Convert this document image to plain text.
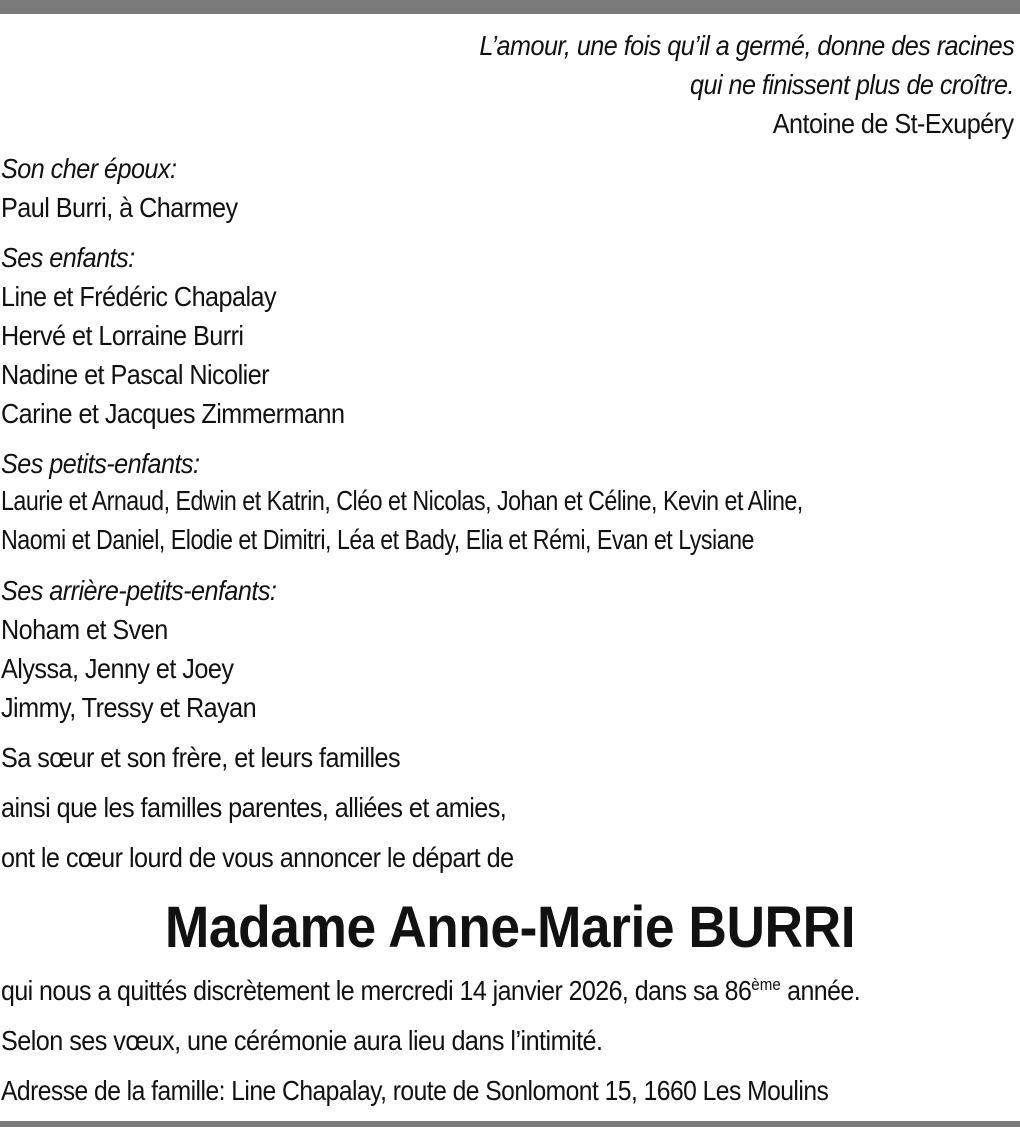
L’amour, une fois qu’il a germé, donne des racines
qui ne finissent plus de croître.
Antoine de St-Exupéry
Son cher époux:
Paul Burri, à Charmey
Ses enfants:
Line et Frédéric Chapalay
Hervé et Lorraine Burri
Nadine et Pascal Nicolier
Carine et Jacques Zimmermann
Ses petits-enfants:
Laurie et Arnaud, Edwin et Katrin, Cléo et Nicolas, Johan et Céline, Kevin et Aline,
Naomi et Daniel, Elodie et Dimitri, Léa et Bady, Elia et Rémi, Evan et Lysiane
Ses arrière-petits-enfants:
Noham et Sven
Alyssa, Jenny et Joey
Jimmy, Tressy et Rayan
Sa sœur et son frère, et leurs familles
ainsi que les familles parentes, alliées et amies,
ont le cœur lourd de vous annoncer le départ de
Madame Anne-Marie BURRI
qui nous a quittés discrètement le mercredi 14 janvier 2026, dans sa 86ème année.
Selon ses vœux, une cérémonie aura lieu dans l’intimité.
Adresse de la famille: Line Chapalay, route de Sonlomont 15, 1660 Les Moulins
